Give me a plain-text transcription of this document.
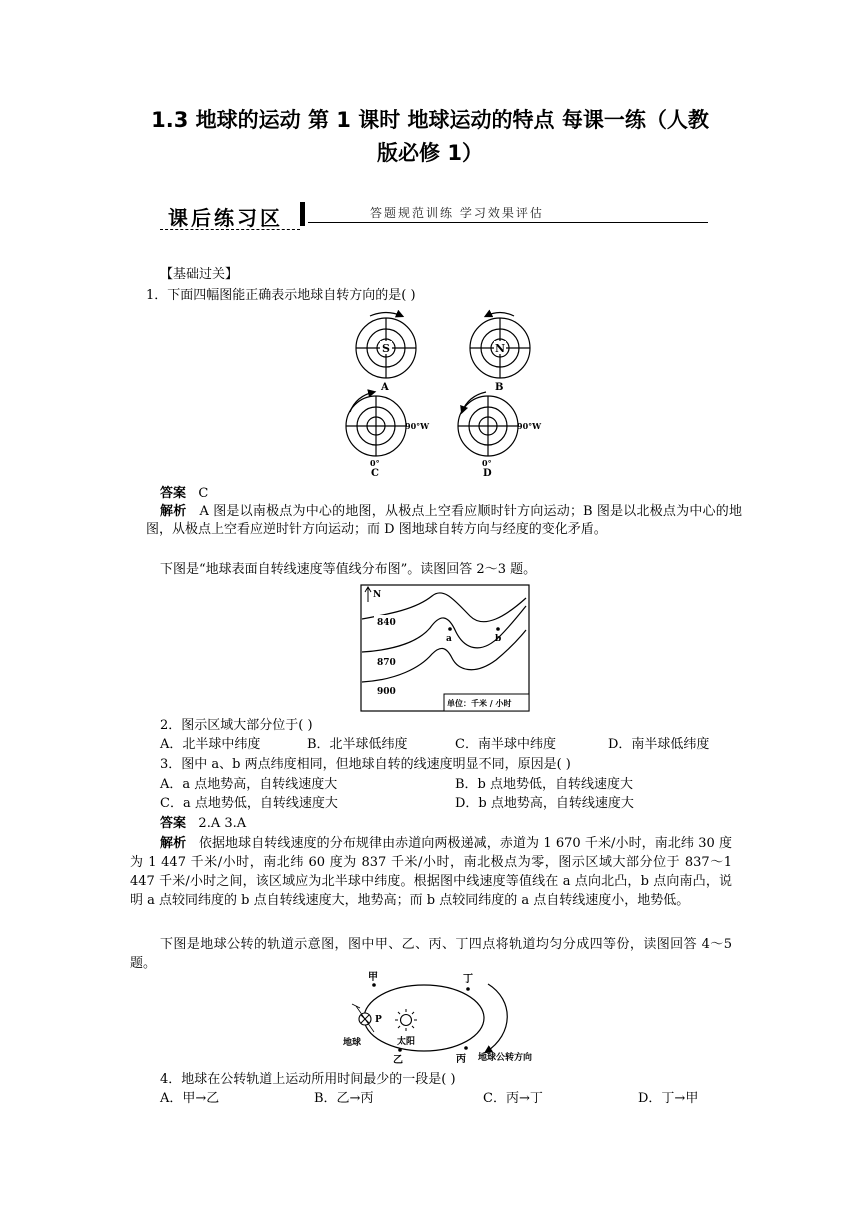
1.3 地球的运动 第 1 课时 地球运动的特点 每课一练（人教
版必修 1）
课后练习区	答题规范训练 学习效果评估
【基础过关】
1．下面四幅图能正确表示地球自转方向的是( )
S
A
N
B
90°W
0°
C
90°W
0°
D
答案 C
解析 A 图是以南极点为中心的地图，从极点上空看应顺时针方向运动；B 图是以北极点为中心的地图，从极点上空看应逆时针方向运动；而 D 图地球自转方向与经度的变化矛盾。
下图是“地球表面自转线速度等值线分布图”。读图回答 2～3 题。
N
840
870
900
a	b
单位：千米 / 小时
2．图示区域大部分位于( )
A．北半球中纬度	B．北半球低纬度	C．南半球中纬度	D．南半球低纬度
3．图中 a、b 两点纬度相同，但地球自转的线速度明显不同，原因是( )
A．a 点地势高，自转线速度大	B．b 点地势低，自转线速度大
C．a 点地势低，自转线速度大	D．b 点地势高，自转线速度大
答案 2.A 3.A
解析 依据地球自转线速度的分布规律由赤道向两极递减，赤道为 1 670 千米/小时，南北纬 30 度为 1 447 千米/小时，南北纬 60 度为 837 千米/小时，南北极点为零，图示区域大部分位于 837～1 447 千米/小时之间，该区域应为北半球中纬度。根据图中线速度等值线在 a 点向北凸，b 点向南凸，说明 a 点较同纬度的 b 点自转线速度大，地势高；而 b 点较同纬度的 a 点自转线速度小，地势低。
下图是地球公转的轨道示意图，图中甲、乙、丙、丁四点将轨道均匀分成四等份，读图回答 4～5 题。
甲	丁
乙	丙
P
地球	太阳
地球公转方向
4．地球在公转轨道上运动所用时间最少的一段是( )
A．甲→乙	B．乙→丙	C．丙→丁	D．丁→甲
